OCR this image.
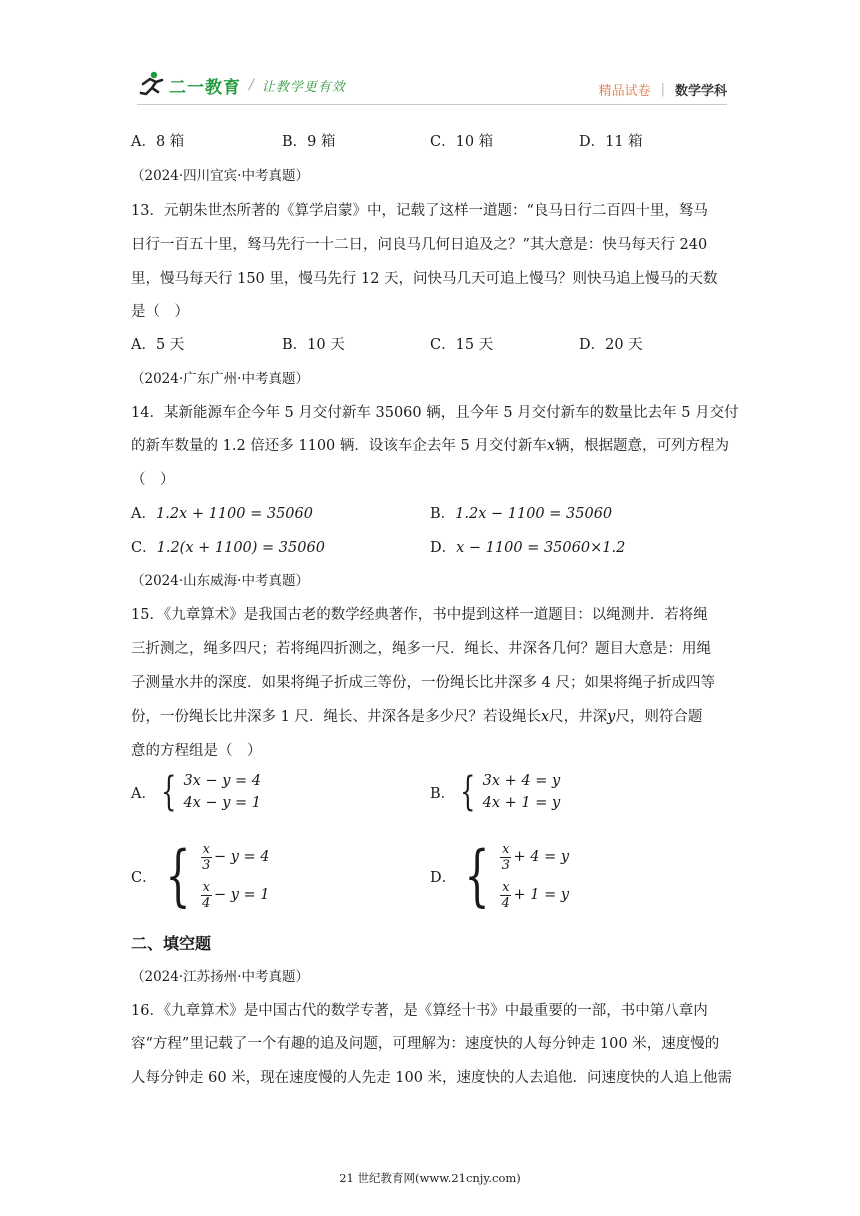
二一教育 / 让教学更有效	精品试卷 | 数学学科
A．8 箱	B．9 箱	C．10 箱	D．11 箱
（2024·四川宜宾·中考真题）
13．元朝朱世杰所著的《算学启蒙》中，记载了这样一道题：“良马日行二百四十里，驽马
日行一百五十里，驽马先行一十二日，问良马几何日追及之？”其大意是：快马每天行 240
里，慢马每天行 150 里，慢马先行 12 天，问快马几天可追上慢马？则快马追上慢马的天数
是（　）
A．5 天	B．10 天	C．15 天	D．20 天
（2024·广东广州·中考真题）
14．某新能源车企今年 5 月交付新车 35060 辆，且今年 5 月交付新车的数量比去年 5 月交付
的新车数量的 1.2 倍还多 1100 辆．设该车企去年 5 月交付新车x辆，根据题意，可列方程为
（　）
A．1.2x + 1100 = 35060	B．1.2x − 1100 = 35060
C．1.2(x + 1100) = 35060	D．x − 1100 = 35060×1.2
（2024·山东威海·中考真题）
15．《九章算术》是我国古老的数学经典著作，书中提到这样一道题目：以绳测井．若将绳
三折测之，绳多四尺；若将绳四折测之，绳多一尺．绳长、井深各几何？题目大意是：用绳
子测量水井的深度．如果将绳子折成三等份，一份绳长比井深多 4 尺；如果将绳子折成四等
份，一份绳长比井深多 1 尺．绳长、井深各是多少尺？若设绳长x尺，井深y尺，则符合题
意的方程组是（　）
A． { 3x − y = 4
4x − y = 1
B． { 3x + 4 = y
4x + 1 = y
C． { $\frac{x}{3} - y = 4$
$\frac{x}{4} - y = 1$
D． { $\frac{x}{3} + 4 = y$
$\frac{x}{4} + 1 = y$
二、填空题
（2024·江苏扬州·中考真题）
16．《九章算术》是中国古代的数学专著，是《算经十书》中最重要的一部，书中第八章内
容“方程”里记载了一个有趣的追及问题，可理解为：速度快的人每分钟走 100 米，速度慢的
人每分钟走 60 米，现在速度慢的人先走 100 米，速度快的人去追他．问速度快的人追上他需
21 世纪教育网(www.21cnjy.com)
